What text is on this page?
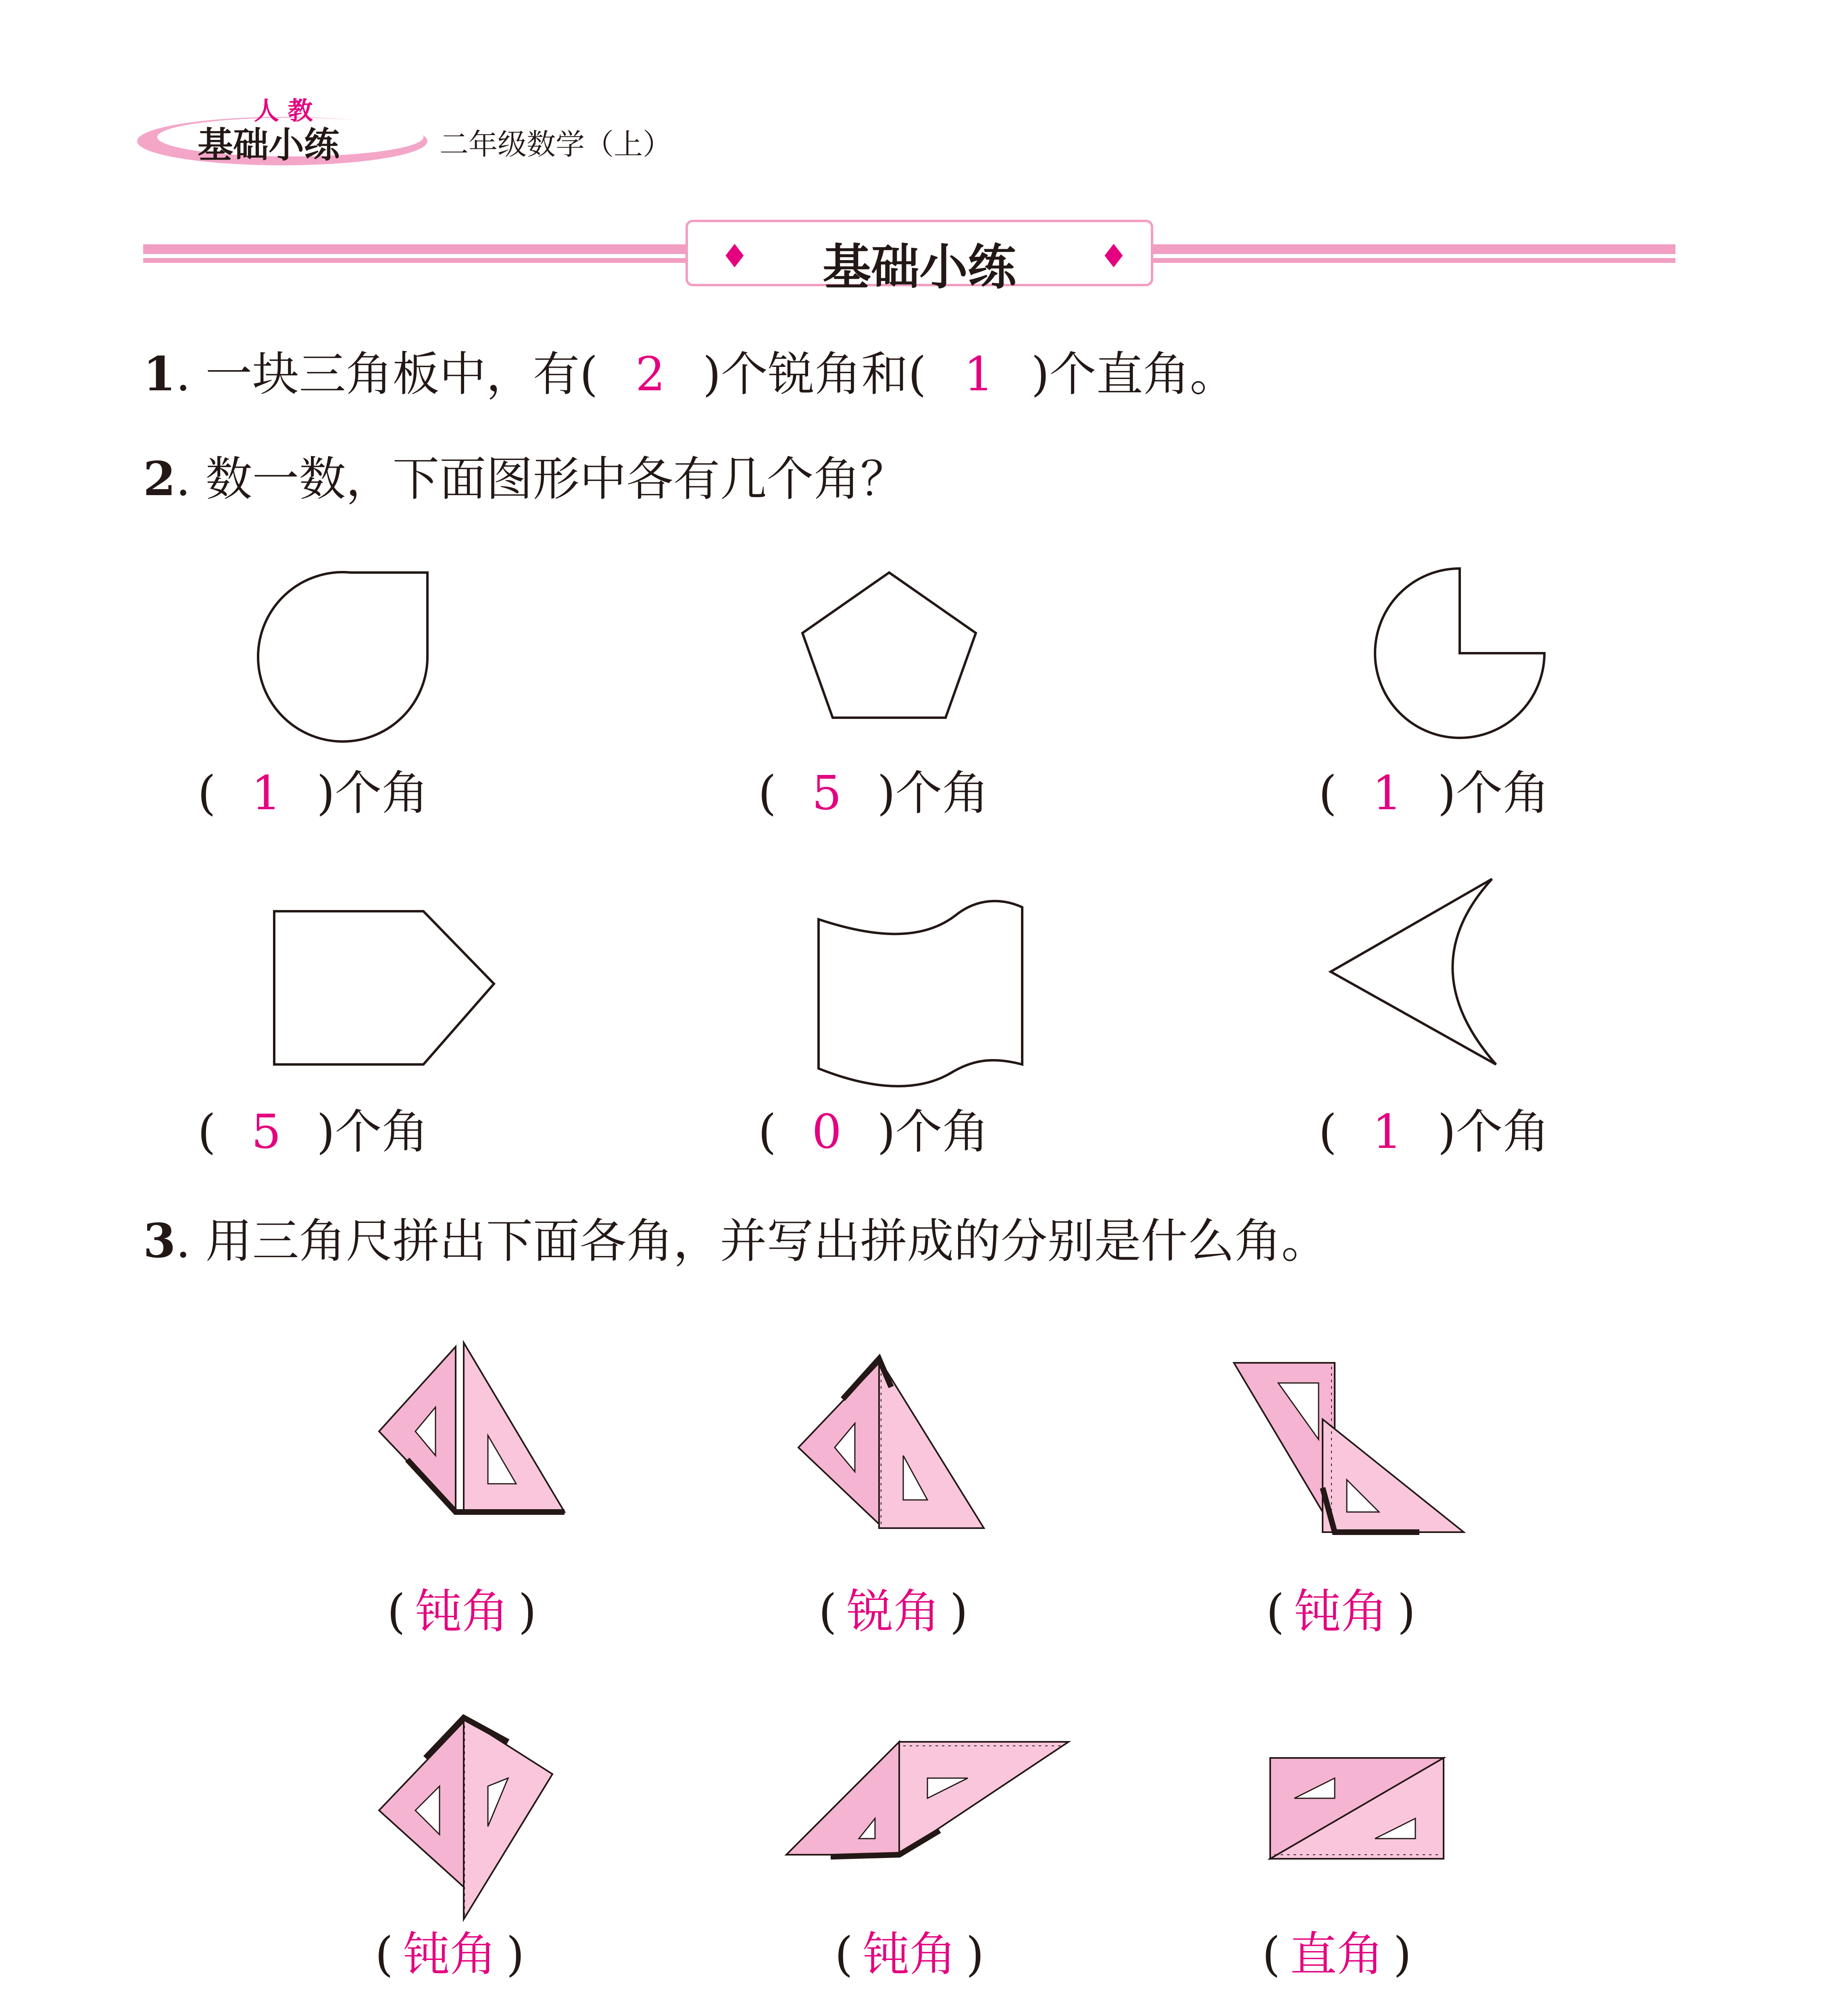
人 教
基础小练	二年级数学（上）
♦	基础小练	♦
1. 一块三角板中，有( 2 )个锐角和( 1 )个直角。
2. 数一数，下面图形中各有几个角？
( 1 )个角	( 5 )个角	( 1 )个角
( 5 )个角	( 0 )个角	( 1 )个角
3. 用三角尺拼出下面各角，并写出拼成的分别是什么角。
( 钝角 )	( 锐角 )	( 钝角 )
( 钝角 )	( 钝角 )	( 直角 )
